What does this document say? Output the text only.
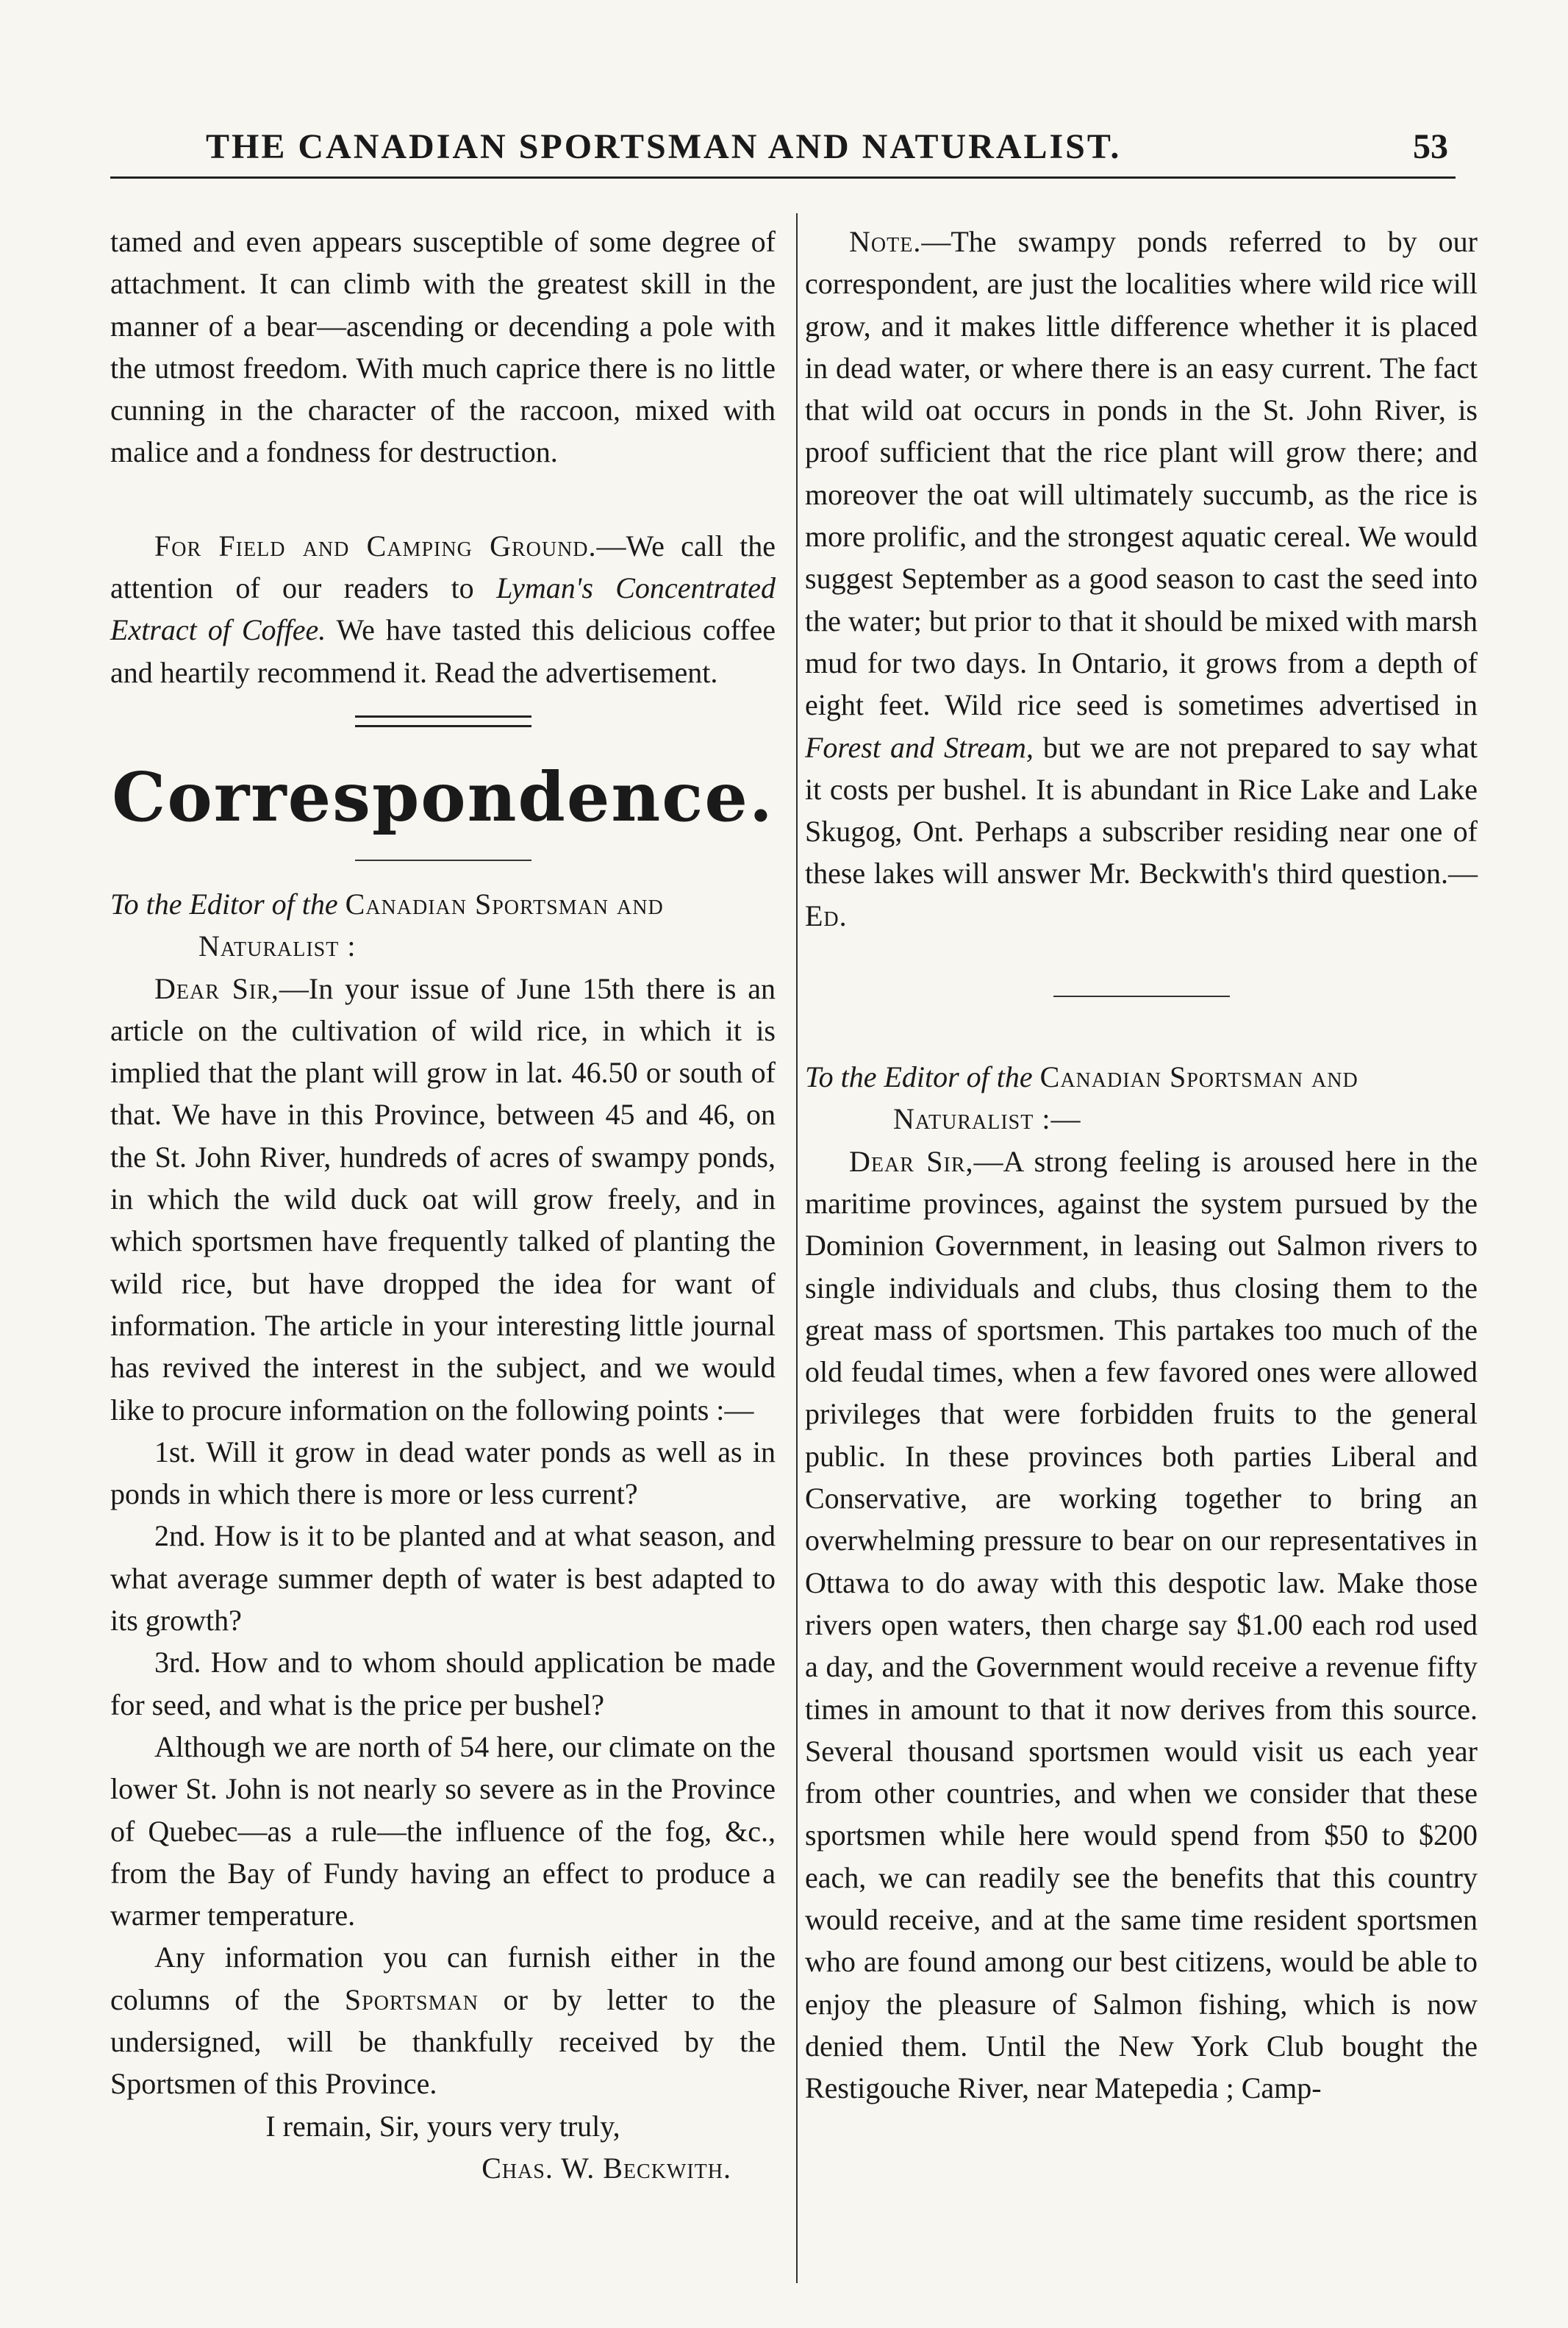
THE CANADIAN SPORTSMAN AND NATURALIST.	53

tamed and even appears susceptible of some degree of attachment. It can climb with the greatest skill in the manner of a bear—ascending or decending a pole with the utmost freedom. With much caprice there is no little cunning in the character of the raccoon, mixed with malice and a fondness for destruction.

For Field and Camping Ground.—We call the attention of our readers to Lyman's Concentrated Extract of Coffee. We have tasted this delicious coffee and heartily recommend it. Read the advertisement.

Correspondence.

To the Editor of the Canadian Sportsman and
Naturalist :

Dear Sir,—In your issue of June 15th there is an article on the cultivation of wild rice, in which it is implied that the plant will grow in lat. 46.50 or south of that. We have in this Province, between 45 and 46, on the St. John River, hundreds of acres of swampy ponds, in which the wild duck oat will grow freely, and in which sportsmen have frequently talked of planting the wild rice, but have dropped the idea for want of information. The article in your interesting little journal has revived the interest in the subject, and we would like to procure information on the following points :—

1st. Will it grow in dead water ponds as well as in ponds in which there is more or less current?

2nd. How is it to be planted and at what season, and what average summer depth of water is best adapted to its growth?

3rd. How and to whom should application be made for seed, and what is the price per bushel?

Although we are north of 54 here, our climate on the lower St. John is not nearly so severe as in the Province of Quebec—as a rule—the influence of the fog, &c., from the Bay of Fundy having an effect to produce a warmer temperature.

Any information you can furnish either in the columns of the Sportsman or by letter to the undersigned, will be thankfully received by the Sportsmen of this Province.

I remain, Sir, yours very truly,

Chas. W. Beckwith.

Note.—The swampy ponds referred to by our correspondent, are just the localities where wild rice will grow, and it makes little difference whether it is placed in dead water, or where there is an easy current. The fact that wild oat occurs in ponds in the St. John River, is proof sufficient that the rice plant will grow there; and moreover the oat will ultimately succumb, as the rice is more prolific, and the strongest aquatic cereal. We would suggest September as a good season to cast the seed into the water; but prior to that it should be mixed with marsh mud for two days. In Ontario, it grows from a depth of eight feet. Wild rice seed is sometimes advertised in Forest and Stream, but we are not prepared to say what it costs per bushel. It is abundant in Rice Lake and Lake Skugog, Ont. Perhaps a subscriber residing near one of these lakes will answer Mr. Beckwith's third question.—Ed.

To the Editor of the Canadian Sportsman and
Naturalist :—

Dear Sir,—A strong feeling is aroused here in the maritime provinces, against the system pursued by the Dominion Government, in leasing out Salmon rivers to single individuals and clubs, thus closing them to the great mass of sportsmen. This partakes too much of the old feudal times, when a few favored ones were allowed privileges that were forbidden fruits to the general public. In these provinces both parties Liberal and Conservative, are working together to bring an overwhelming pressure to bear on our representatives in Ottawa to do away with this despotic law. Make those rivers open waters, then charge say $1.00 each rod used a day, and the Government would receive a revenue fifty times in amount to that it now derives from this source. Several thousand sportsmen would visit us each year from other countries, and when we consider that these sportsmen while here would spend from $50 to $200 each, we can readily see the benefits that this country would receive, and at the same time resident sportsmen who are found among our best citizens, would be able to enjoy the pleasure of Salmon fishing, which is now denied them. Until the New York Club bought the Restigouche River, near Matepedia ; Camp-
